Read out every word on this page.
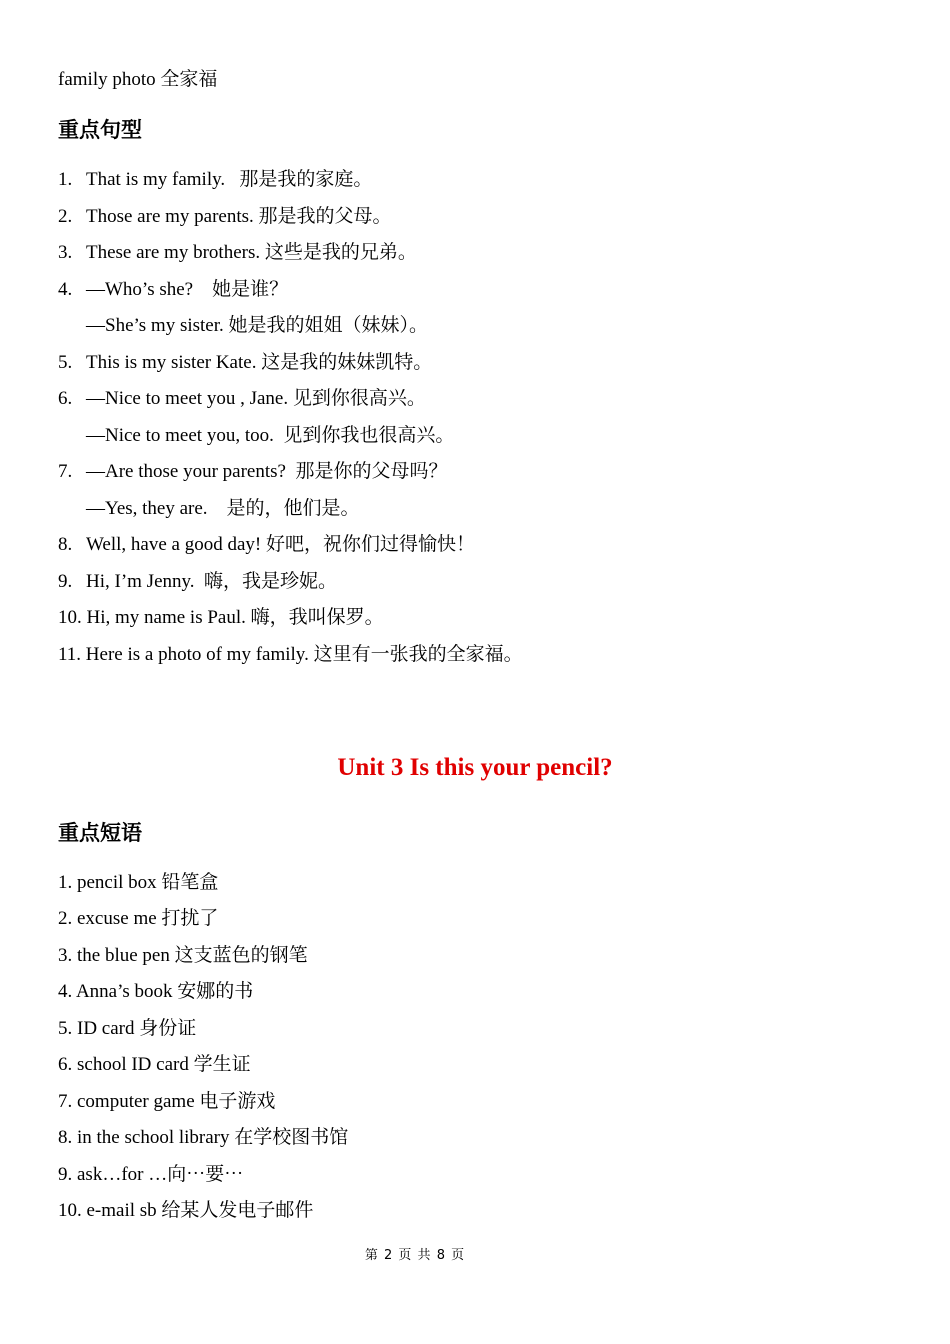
family photo 全家福
重点句型
1. That is my family.   那是我的家庭。
2. Those are my parents. 那是我的父母。
3. These are my brothers. 这些是我的兄弟。
4. —Who’s she?    她是谁？
—She’s my sister. 她是我的姐姐（妹妹）。
5. This is my sister Kate. 这是我的妹妹凯特。
6. —Nice to meet you , Jane. 见到你很高兴。
—Nice to meet you, too.  见到你我也很高兴。
7. —Are those your parents?  那是你的父母吗？
—Yes, they are.    是的，他们是。
8. Well, have a good day! 好吧，祝你们过得愉快！
9. Hi, I’m Jenny.  嗨，我是珍妮。
10. Hi, my name is Paul. 嗨，我叫保罗。
11. Here is a photo of my family. 这里有一张我的全家福。
Unit 3 Is this your pencil?
重点短语
1. pencil box 铅笔盒
2. excuse me 打扰了
3. the blue pen 这支蓝色的钢笔
4. Anna’s book 安娜的书
5. ID card 身份证
6. school ID card 学生证
7. computer game 电子游戏
8. in the school library 在学校图书馆
9. ask…for …向⋯要⋯
10. e-mail sb 给某人发电子邮件
第 2 页 共 8 页
